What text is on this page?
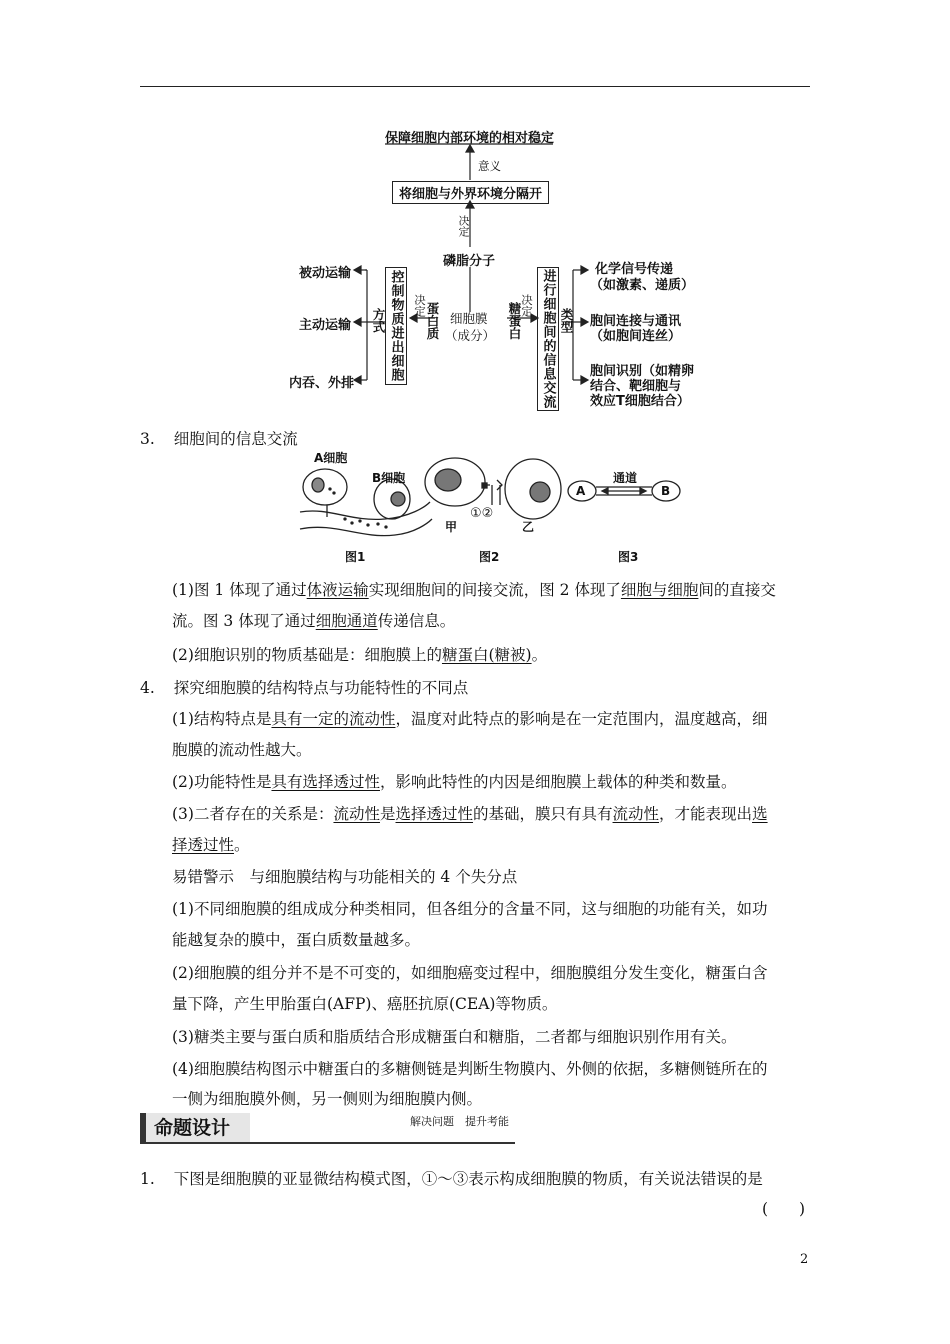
保障细胞内部环境的相对稳定
意义
将细胞与外界环境分隔开
决定
磷脂分子
细胞膜
（成分）
蛋白质	糖蛋白
决定	决定
控制物质进出细胞
方式
被动运输
主动运输
内吞、外排	进行细胞间的信息交流 类型
化学信号传递
（如激素、递质）
胞间连接与通讯
（如胞间连丝）
胞间识别（如精卵
结合、靶细胞与
效应T细胞结合）
3. 细胞间的信息交流
A细胞
B细胞
甲
①②
乙
A	B
通道
图1	图2	图3
(1)图 1 体现了通过体液运输实现细胞间的间接交流，图 2 体现了细胞与细胞间的直接交
流。图 3 体现了通过细胞通道传递信息。
(2)细胞识别的物质基础是：细胞膜上的糖蛋白(糖被)。
4. 探究细胞膜的结构特点与功能特性的不同点
(1)结构特点是具有一定的流动性，温度对此特点的影响是在一定范围内，温度越高，细
胞膜的流动性越大。
(2)功能特性是具有选择透过性，影响此特性的内因是细胞膜上载体的种类和数量。
(3)二者存在的关系是：流动性是选择透过性的基础，膜只有具有流动性，才能表现出选
择透过性。
易错警示　与细胞膜结构与功能相关的 4 个失分点
(1)不同细胞膜的组成成分种类相同，但各组分的含量不同，这与细胞的功能有关，如功
能越复杂的膜中，蛋白质数量越多。
(2)细胞膜的组分并不是不可变的，如细胞癌变过程中，细胞膜组分发生变化，糖蛋白含
量下降，产生甲胎蛋白(AFP)、癌胚抗原(CEA)等物质。
(3)糖类主要与蛋白质和脂质结合形成糖蛋白和糖脂，二者都与细胞识别作用有关。
(4)细胞膜结构图示中糖蛋白的多糖侧链是判断生物膜内、外侧的依据，多糖侧链所在的
一侧为细胞膜外侧，另一侧则为细胞膜内侧。
命题设计	解决问题　提升考能
1. 下图是细胞膜的亚显微结构模式图，①～③表示构成细胞膜的物质，有关说法错误的是
(　　)
2
